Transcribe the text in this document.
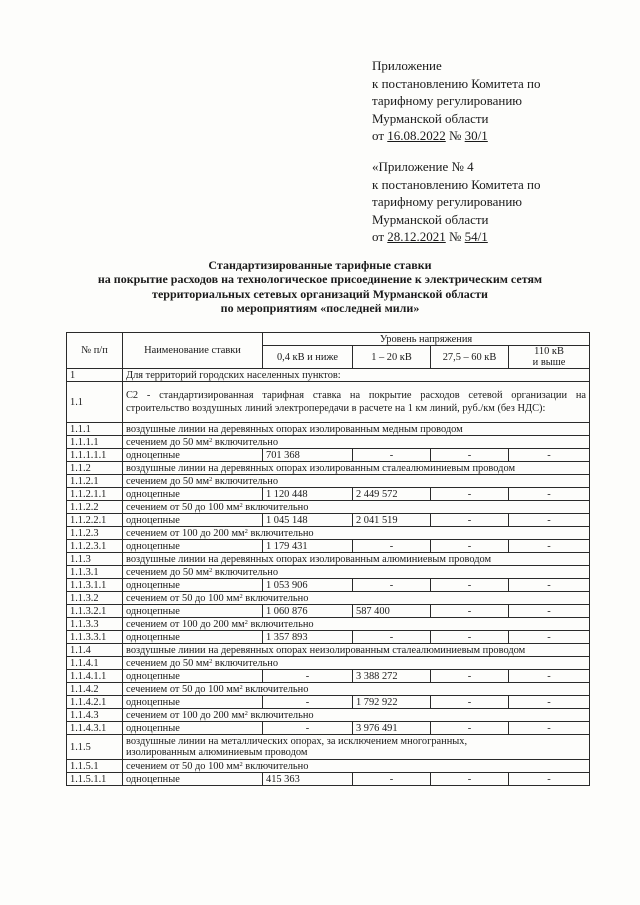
Приложение
к постановлению Комитета по
тарифному регулированию
Мурманской области
от 16.08.2022 № 30/1
«Приложение № 4
к постановлению Комитета по
тарифному регулированию
Мурманской области
от 28.12.2021 № 54/1
Стандартизированные тарифные ставки
на покрытие расходов на технологическое присоединение к электрическим сетям
территориальных сетевых организаций Мурманской области
по мероприятиям «последней мили»
№ п/п	Наименование ставки	Уровень напряжения			
		0,4 кВ и ниже	1 – 20 кВ	27,5 – 60 кВ	110 кВ
и выше

1	Для территорий городских населенных пунктов:				
1.1	С2 - стандартизированная тарифная ставка на покрытие расходов сетевой организации на строительство воздушных линий электропередачи в расчете на 1 км линий, руб./км (без НДС):				
1.1.1	воздушные линии на деревянных опорах изолированным медным проводом				
1.1.1.1	сечением до 50 $мм^2$ включительно				
1.1.1.1.1	одноцепные	701 368	-	-	-
1.1.2	воздушные линии на деревянных опорах изолированным сталеалюминиевым проводом				
1.1.2.1	сечением до 50 $мм^2$ включительно				
1.1.2.1.1	одноцепные	1 120 448	2 449 572	-	-
1.1.2.2	сечением от 50 до 100 $мм^2$ включительно				
1.1.2.2.1	одноцепные	1 045 148	2 041 519	-	-
1.1.2.3	сечением от 100 до 200 $мм^2$ включительно				
1.1.2.3.1	одноцепные	1 179 431	-	-	-
1.1.3	воздушные линии на деревянных опорах изолированным алюминиевым проводом				
1.1.3.1	сечением до 50 $мм^2$ включительно				
1.1.3.1.1	одноцепные	1 053 906	-	-	-
1.1.3.2	сечением от 50 до 100 $мм^2$ включительно				
1.1.3.2.1	одноцепные	1 060 876	587 400	-	-
1.1.3.3	сечением от 100 до 200 $мм^2$ включительно				
1.1.3.3.1	одноцепные	1 357 893	-	-	-
1.1.4	воздушные линии на деревянных опорах неизолированным сталеалюминиевым проводом				
1.1.4.1	сечением до 50 $мм^2$ включительно				
1.1.4.1.1	одноцепные	-	3 388 272	-	-
1.1.4.2	сечением от 50 до 100 $мм^2$ включительно				
1.1.4.2.1	одноцепные	-	1 792 922	-	-
1.1.4.3	сечением от 100 до 200 $мм^2$ включительно				
1.1.4.3.1	одноцепные	-	3 976 491	-	-
1.1.5	воздушные линии на металлических опорах, за исключением многогранных,
изолированным алюминиевым проводом				

1.1.5.1	сечением от 50 до 100 $мм^2$ включительно				
1.1.5.1.1	одноцепные	415 363	-	-	-
